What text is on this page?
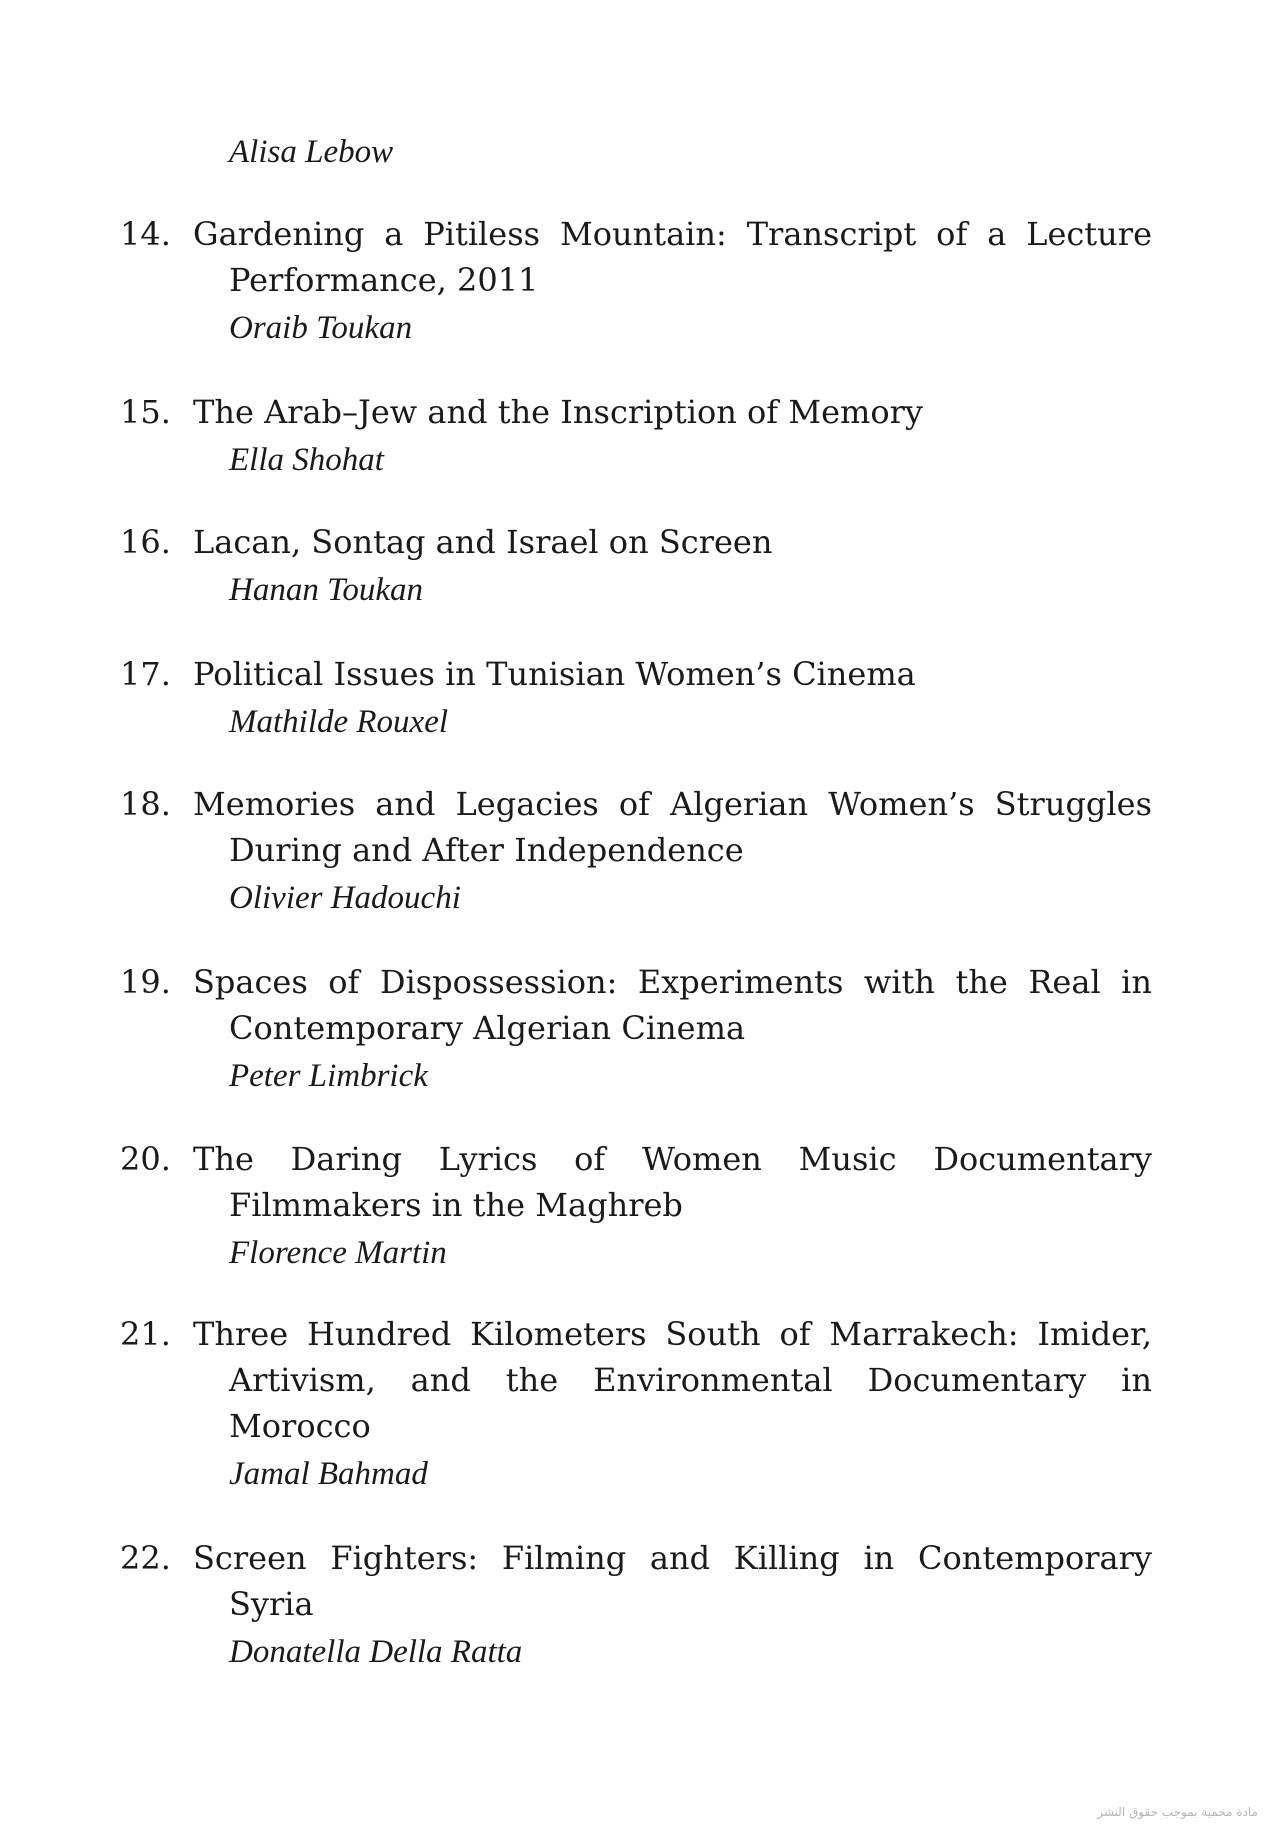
Alisa Lebow

14. Gardening a Pitiless Mountain: Transcript of a Lecture Performance, 2011

Oraib Toukan

15. The Arab–Jew and the Inscription of Memory

Ella Shohat

16. Lacan, Sontag and Israel on Screen

Hanan Toukan

17. Political Issues in Tunisian Women’s Cinema

Mathilde Rouxel

18. Memories and Legacies of Algerian Women’s Struggles During and After Independence

Olivier Hadouchi

19. Spaces of Dispossession: Experiments with the Real in Contemporary Algerian Cinema

Peter Limbrick

20. The Daring Lyrics of Women Music Documentary Filmmakers in the Maghreb

Florence Martin

21. Three Hundred Kilometers South of Marrakech: Imider, Artivism, and the Environmental Documentary in Morocco

Jamal Bahmad

22. Screen Fighters: Filming and Killing in Contemporary Syria

Donatella Della Ratta

مادة محمية بموجب حقوق النشر
